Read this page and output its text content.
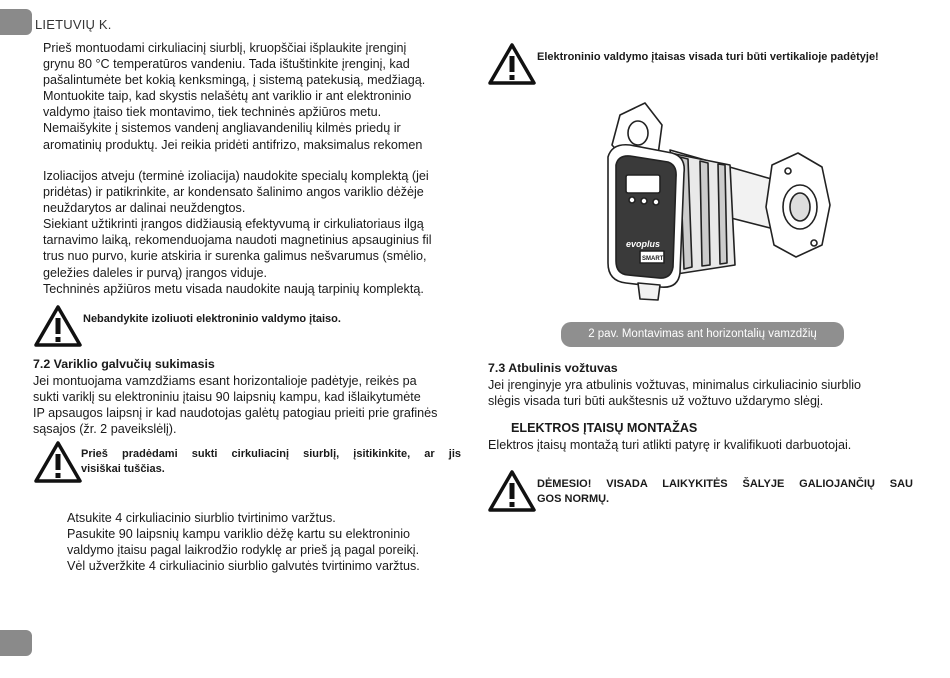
LIETUVIŲ K.

Prieš montuodami cirkuliacinį siurblį, kruopščiai išplaukite įrenginį

grynu 80 °C temperatūros vandeniu. Tada ištuštinkite įrenginį, kad

pašalintumėte bet kokią kenksmingą, į sistemą patekusią, medžiagą.

Montuokite taip, kad skystis nelašėtų ant variklio ir ant elektroninio

valdymo įtaiso tiek montavimo, tiek techninės apžiūros metu.

Nemaišykite į sistemos vandenį angliavandenilių kilmės priedų ir

aromatinių produktų. Jei reikia pridėti antifrizo, maksimalus rekomen

Izoliacijos atveju (terminė izoliacija) naudokite specialų komplektą (jei

pridėtas) ir patikrinkite, ar kondensato šalinimo angos variklio dėžėje

neuždarytos ar dalinai neuždengtos.

Siekiant užtikrinti įrangos didžiausią efektyvumą ir cirkuliatoriaus ilgą

tarnavimo laiką, rekomenduojama naudoti magnetinius apsauginius fil

trus nuo purvo, kurie atskiria ir surenka galimus nešvarumus (smėlio,

geležies daleles ir purvą) įrangos viduje.

Techninės apžiūros metu visada naudokite naują tarpinių komplektą.

Nebandykite izoliuoti elektroninio valdymo įtaiso.
7.2 Variklio galvučių sukimasis

Jei montuojama vamzdžiams esant horizontalioje padėtyje, reikės pa

sukti variklį su elektroniniu įtaisu 90 laipsnių kampu, kad išlaikytumėte

IP apsaugos laipsnį ir kad naudotojas galėtų patogiau prieiti prie grafinės

sąsajos (žr. 2 paveikslėlį).

Prieš pradėdami sukti cirkuliacinį siurblį, įsitikinkite, ar jis
visiškai tuščias.

Atsukite 4 cirkuliacinio siurblio tvirtinimo varžtus.

Pasukite 90 laipsnių kampu variklio dėžę kartu su elektroninio

valdymo įtaisu pagal laikrodžio rodyklę ar prieš ją pagal poreikį.

Vėl užveržkite 4 cirkuliacinio siurblio galvutės tvirtinimo varžtus.

Elektroninio valdymo įtaisas visada turi būti vertikalioje padėtyje!
evoplus
SMART
2 pav. Montavimas ant horizontalių vamzdžių
7.3 Atbulinis vožtuvas

Jei įrenginyje yra atbulinis vožtuvas, minimalus cirkuliacinio siurblio

slėgis visada turi būti aukštesnis už vožtuvo uždarymo slėgį.

ELEKTROS ĮTAISŲ MONTAŽAS
Elektros įtaisų montažą turi atlikti patyrę ir kvalifikuoti darbuotojai.
DĖMESIO! VISADA LAIKYKITĖS ŠALYJE GALIOJANČIŲ SAU
GOS NORMŲ.
